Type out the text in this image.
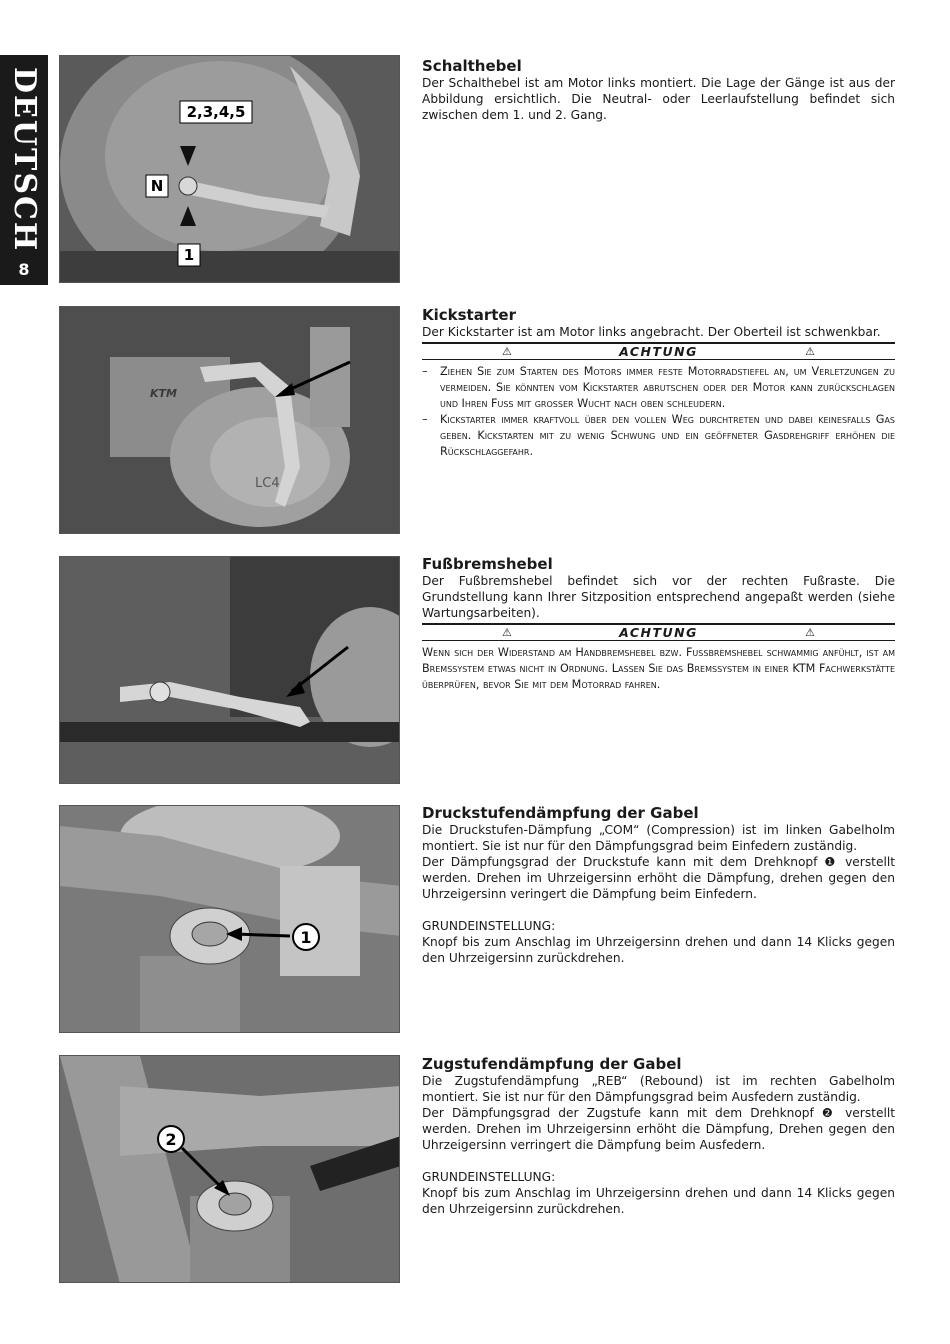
DEUTSCH
8
2,3,4,5
N
1

Schalthebel

Der Schalthebel ist am Motor links montiert. Die Lage der Gänge ist aus der Abbildung ersichtlich. Die Neutral- oder Leerlaufstellung befindet sich zwischen dem 1. und 2. Gang.

KTM
LC4

Kickstarter

Der Kickstarter ist am Motor links angebracht. Der Oberteil ist schwenkbar.

⚠	ACHTUNG	⚠
– Ziehen Sie zum Starten des Motors immer feste Motorradstiefel an, um Verletzungen zu vermeiden. Sie könnten vom Kickstarter abrutschen oder der Motor kann zurückschlagen und Ihren Fuss mit grosser Wucht nach oben schleudern.
– Kickstarter immer kraftvoll über den vollen Weg durchtreten und dabei keinesfalls Gas geben. Kickstarten mit zu wenig Schwung und ein geöffneter Gasdrehgriff erhöhen die Rückschlaggefahr.

Fußbremshebel

Der Fußbremshebel befindet sich vor der rechten Fußraste. Die Grundstellung kann Ihrer Sitzposition entsprechend angepaßt werden (siehe Wartungsarbeiten).

⚠	ACHTUNG	⚠

Wenn sich der Widerstand am Handbremshebel bzw. Fussbremshebel schwammig anfühlt, ist am Bremssystem etwas nicht in Ordnung. Lassen Sie das Bremssystem in einer KTM Fachwerkstätte überprüfen, bevor Sie mit dem Motorrad fahren.

1

Druckstufendämpfung der Gabel

Die Druckstufen-Dämpfung „COM“ (Compression) ist im linken Gabelholm montiert. Sie ist nur für den Dämpfungsgrad beim Einfedern zuständig.

Der Dämpfungsgrad der Druckstufe kann mit dem Drehknopf ❶ verstellt werden. Drehen im Uhrzeigersinn erhöht die Dämpfung, drehen gegen den Uhrzeigersinn veringert die Dämpfung beim Einfedern.

GRUNDEINSTELLUNG:

Knopf bis zum Anschlag im Uhrzeigersinn drehen und dann 14 Klicks gegen den Uhrzeigersinn zurückdrehen.

2

Zugstufendämpfung der Gabel

Die Zugstufendämpfung „REB“ (Rebound) ist im rechten Gabelholm montiert. Sie ist nur für den Dämpfungsgrad beim Ausfedern zuständig.

Der Dämpfungsgrad der Zugstufe kann mit dem Drehknopf ❷ verstellt werden. Drehen im Uhrzeigersinn erhöht die Dämpfung, Drehen gegen den Uhrzeigersinn verringert die Dämpfung beim Ausfedern.

GRUNDEINSTELLUNG:

Knopf bis zum Anschlag im Uhrzeigersinn drehen und dann 14 Klicks gegen den Uhrzeigersinn zurückdrehen.
